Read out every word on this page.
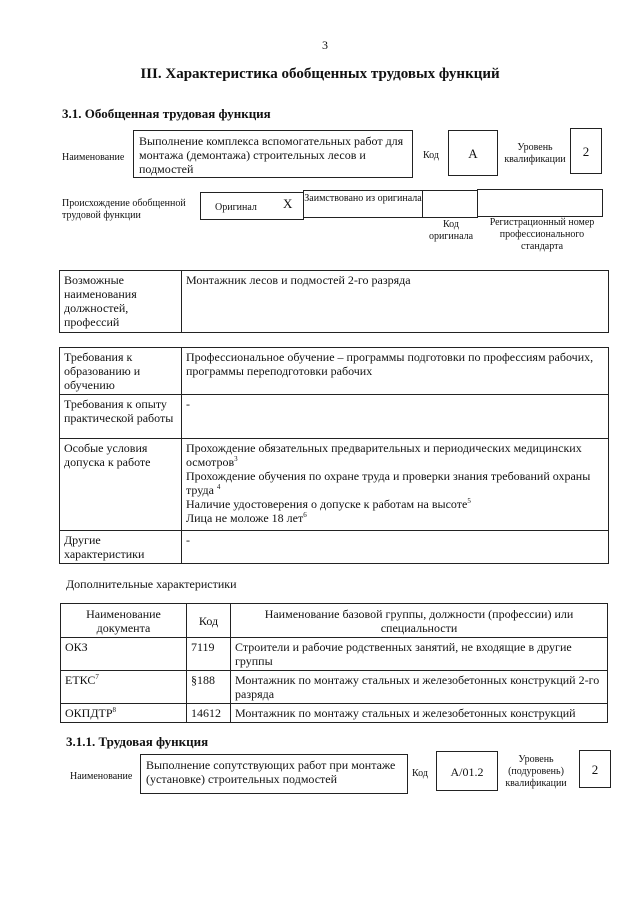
3
III. Характеристика обобщенных трудовых функций
3.1. Обобщенная трудовая функция
Наименование
Выполнение комплекса вспомогательных работ для монтажа (демонтажа) строительных лесов и подмостей
Код	А	Уровень квалификации
2
Происхождение обобщенной трудовой функции
Оригинал X Заимствовано из оригинала
Код оригинала
Регистрационный номер профессионального стандарта
Возможные наименования должностей, профессий	Монтажник лесов и подмостей 2-го разряда
Требования к образованию и обучению	Профессиональное обучение – программы подготовки по профессиям рабочих, программы переподготовки рабочих
Требования к опыту практической работы	-
Особые условия допуска к работе	Прохождение обязательных предварительных и периодических медицинских осмотров$^3$
Прохождение обучения по охране труда и проверки знания требований охраны труда $^4$
Наличие удостоверения о допуске к работам на высоте$^5$
Лица не моложе 18 лет$^6$

Другие характеристики	-
Дополнительные характеристики
Наименование документа	Код	Наименование базовой группы, должности (профессии) или специальности
ОКЗ	7119	Строители и рабочие родственных занятий, не входящие в другие группы
ЕТКС$^7$	§188	Монтажник по монтажу стальных и железобетонных конструкций 2-го разряда
ОКПДТР$^8$	14612	Монтажник по монтажу стальных и железобетонных конструкций
3.1.1. Трудовая функция
Наименование
Выполнение сопутствующих работ при монтаже (установке) строительных подмостей	Код	А/01.2
Уровень (подуровень) квалификации
2
